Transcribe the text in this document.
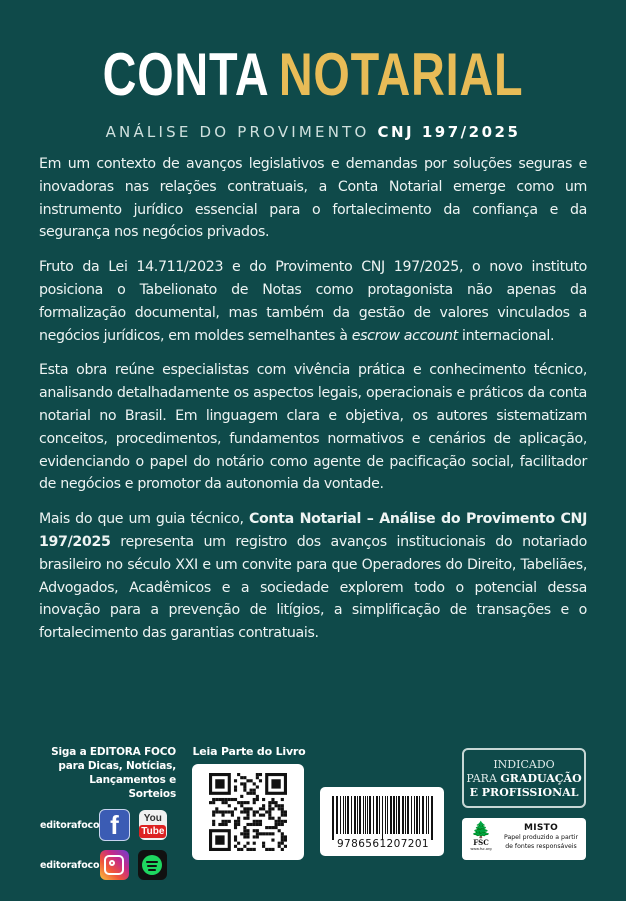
CONTA NOTARIAL
ANÁLISE DO PROVIMENTO CNJ 197/2025

Em um contexto de avanços legislativos e demandas por soluções seguras e inovadoras nas relações contratuais, a Conta Notarial emerge como um instrumento jurídico essencial para o fortalecimento da confiança e da segurança nos negócios privados.

Fruto da Lei 14.711/2023 e do Provimento CNJ 197/2025, o novo instituto posiciona o Tabelionato de Notas como protagonista não apenas da formalização documental, mas também da gestão de valores vinculados a negócios jurídicos, em moldes semelhantes à escrow account internacional.

Esta obra reúne especialistas com vivência prática e conhecimento técnico, analisando detalhadamente os aspectos legais, operacionais e práticos da conta notarial no Brasil. Em linguagem clara e objetiva, os autores sistematizam conceitos, procedimentos, fundamentos normativos e cenários de aplicação, evidenciando o papel do notário como agente de pacificação social, facilitador de negócios e promotor da autonomia da vontade.

Mais do que um guia técnico, Conta Notarial – Análise do Provimento CNJ 197/2025 representa um registro dos avanços institucionais do notariado brasileiro no século XXI e um convite para que Operadores do Direito, Tabeliães, Advogados, Acadêmicos e a sociedade explorem todo o potencial dessa inovação para a prevenção de litígios, a simplificação de transações e o fortalecimento das garantias contratuais.

Siga a EDITORA FOCO
para Dicas, Notícias,
Lançamentos e Sorteios
editorafoco f You
Tube
editorafoco
Leia Parte do Livro
9786561207201
INDICADO
PARA GRADUAÇÃO
E PROFISSIONAL
🌲
FSC
www.fsc.org
MISTO
Papel produzido a partir
de fontes responsáveis
